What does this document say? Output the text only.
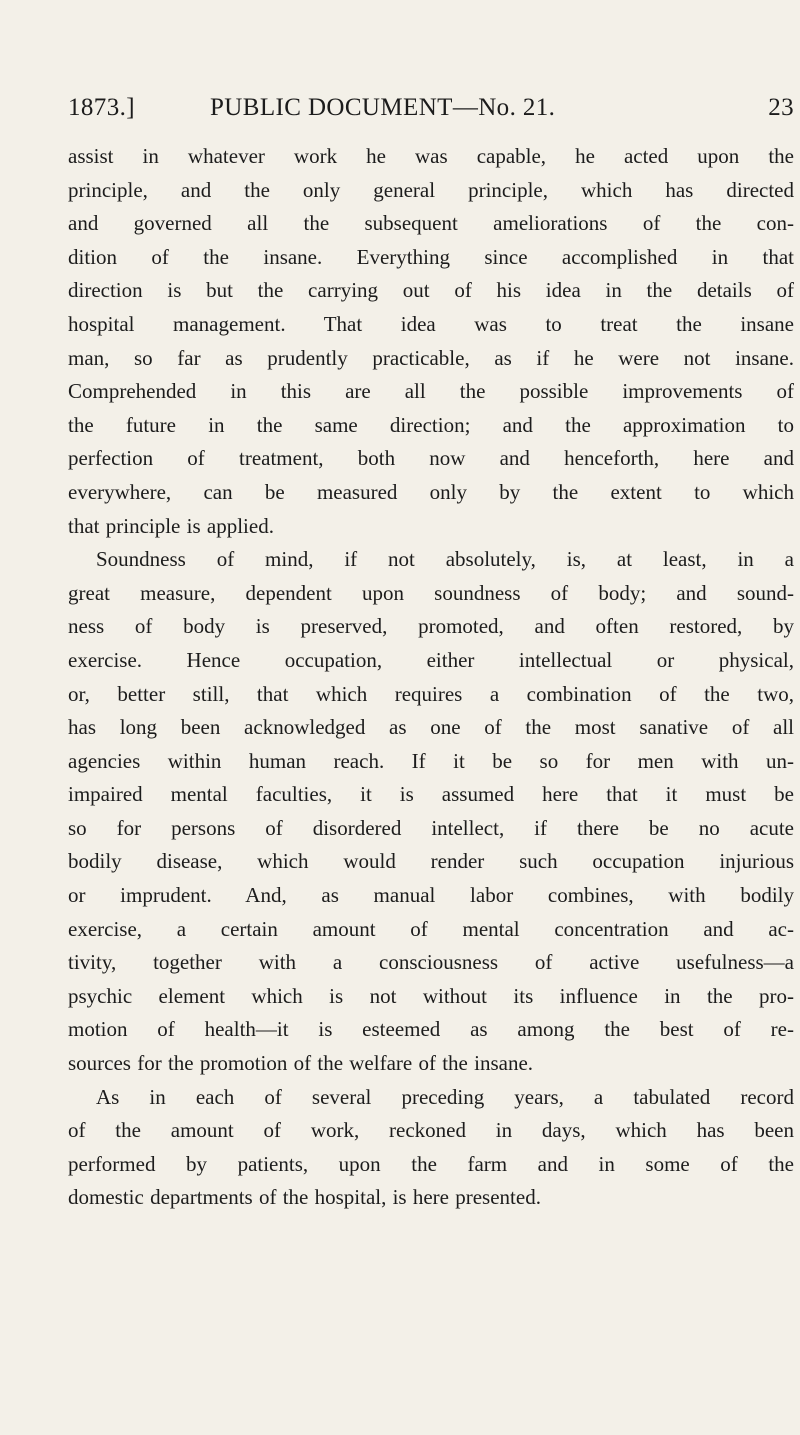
1873.]	PUBLIC DOCUMENT—No. 21.	23
assist in whatever work he was capable, he acted upon the
principle, and the only general principle, which has directed
and governed all the subsequent ameliorations of the con-
dition of the insane. Everything since accomplished in that
direction is but the carrying out of his idea in the details of
hospital management. That idea was to treat the insane
man, so far as prudently practicable, as if he were not insane.
Comprehended in this are all the possible improvements of
the future in the same direction; and the approximation to
perfection of treatment, both now and henceforth, here and
everywhere, can be measured only by the extent to which
that principle is applied.
Soundness of mind, if not absolutely, is, at least, in a
great measure, dependent upon soundness of body; and sound-
ness of body is preserved, promoted, and often restored, by
exercise. Hence occupation, either intellectual or physical,
or, better still, that which requires a combination of the two,
has long been acknowledged as one of the most sanative of all
agencies within human reach. If it be so for men with un-
impaired mental faculties, it is assumed here that it must be
so for persons of disordered intellect, if there be no acute
bodily disease, which would render such occupation injurious
or imprudent. And, as manual labor combines, with bodily
exercise, a certain amount of mental concentration and ac-
tivity, together with a consciousness of active usefulness—a
psychic element which is not without its influence in the pro-
motion of health—it is esteemed as among the best of re-
sources for the promotion of the welfare of the insane.
As in each of several preceding years, a tabulated record
of the amount of work, reckoned in days, which has been
performed by patients, upon the farm and in some of the
domestic departments of the hospital, is here presented.
